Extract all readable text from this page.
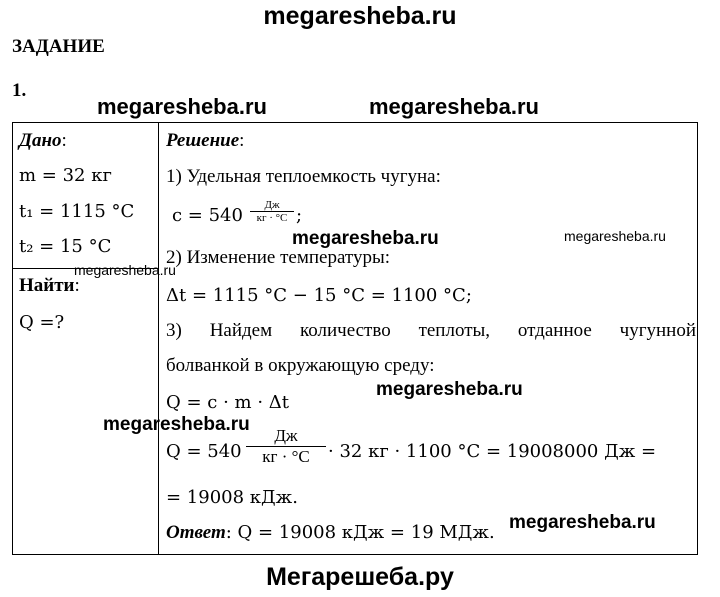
megaresheba.ru
ЗАДАНИЕ
1.
megaresheba.ru	megaresheba.ru
Дано:
m = 32 кг
t₁ = 1115 °C
t₂ = 15 °C
Найти:
Q =?
Решение:
1) Удельная теплоемкость чугуна:
c = 540	Дж
кг · °C ;
megaresheba.ru	megaresheba.ru
2) Изменение температуры:
megaresheba.ru
Δt = 1115 °C − 15 °C = 1100 °C;
3) Найдем количество теплоты, отданное чугунной
болванкой в окружающую среду:
megaresheba.ru
Q = c · m · Δt
megaresheba.ru
Q = 540
Дж
кг · °C	· 32 кг · 1100 °C = 19008000 Дж =
= 19008 кДж.
megaresheba.ru
Ответ: Q = 19008 кДж = 19 МДж.
Мегарешеба.ру
